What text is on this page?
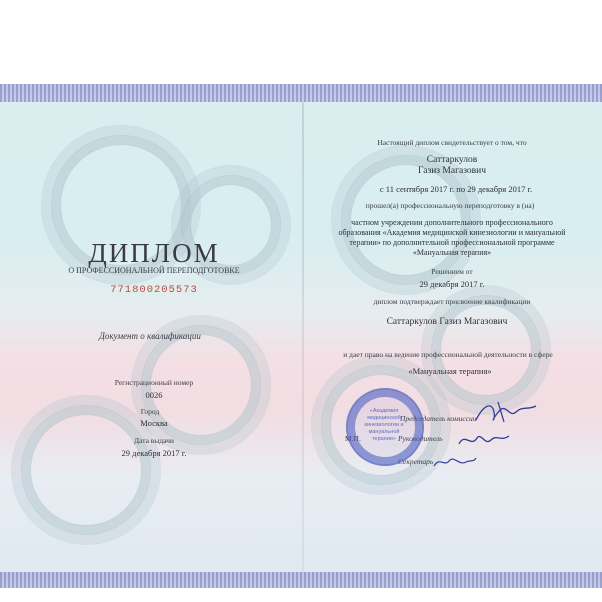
ДИПЛОМ
О ПРОФЕССИОНАЛЬНОЙ ПЕРЕПОДГОТОВКЕ
771800205573
Документ о квалификации
Регистрационный номер
0026
Город
Москва
Дата выдачи
29 декабря 2017 г.
Настоящий диплом свидетельствует о том, что
Саттаркулов
Газиз Магазович
с 11 сентября 2017 г. по 29 декабря 2017 г.
прошел(а) профессиональную переподготовку в (на)
частном учреждении дополнительного профессионального
образования «Академия медицинской кинезиологии и мануальной
терапии» по дополнительной профессиональной программе
«Мануальная терапия»
Решением от
29 декабря 2017 г.
диплом подтверждает присвоение квалификации
Саттаркулов Газиз Магазович
и дает право на ведение профессиональной деятельности в сфере
«Мануальная терапия»
Председатель комиссии
М.П.	Руководитель
Секретарь
«Академия медицинской кинезиологии и мануальной терапии»
